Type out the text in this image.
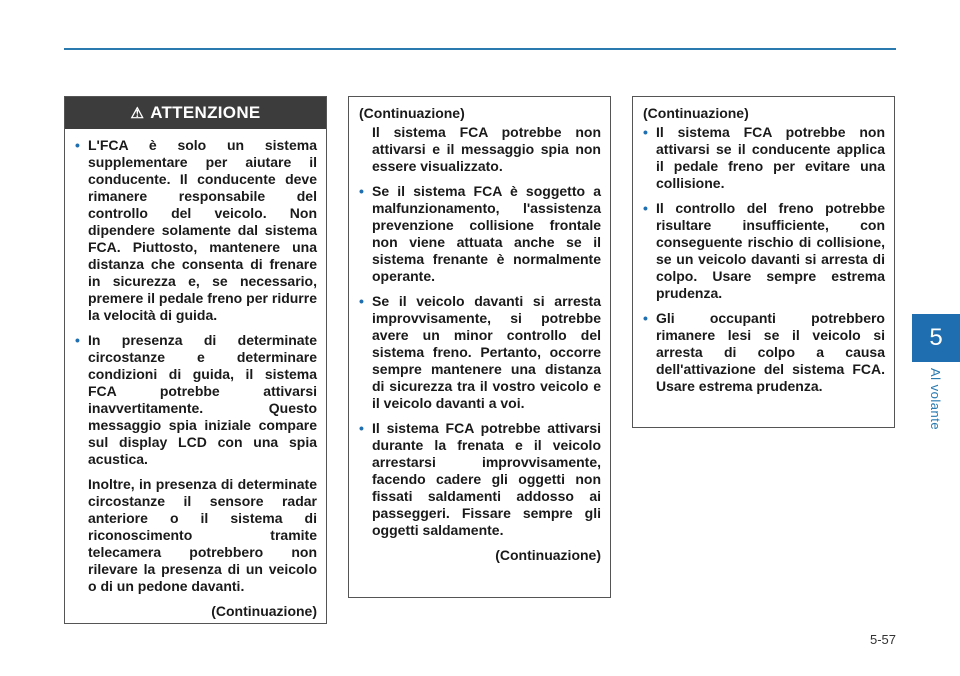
5
Al volante
⚠ ATTENZIONE
• L'FCA è solo un sistema supplementare per aiutare il conducente. Il conducente deve rimanere responsabile del controllo del veicolo. Non dipendere solamente dal sistema FCA. Piuttosto, mantenere una distanza che consenta di frenare in sicurezza e, se necessario, premere il pedale freno per ridurre la velocità di guida.
• In presenza di determinate circostanze e determinare condizioni di guida, il sistema FCA potrebbe attivarsi inavvertitamente. Questo messaggio spia iniziale compare sul display LCD con una spia acustica.

Inoltre, in presenza di determinate circostanze il sensore radar anteriore o il sistema di riconoscimento tramite telecamera potrebbero non rilevare la presenza di un veicolo o di un pedone davanti.

(Continuazione)

(Continuazione)

Il sistema FCA potrebbe non attivarsi e il messaggio spia non essere visualizzato.

• Se il sistema FCA è soggetto a malfunzionamento, l'assistenza prevenzione collisione frontale non viene attuata anche se il sistema frenante è normalmente operante.
• Se il veicolo davanti si arresta improvvisamente, si potrebbe avere un minor controllo del sistema freno. Pertanto, occorre sempre mantenere una distanza di sicurezza tra il vostro veicolo e il veicolo davanti a voi.
• Il sistema FCA potrebbe attivarsi durante la frenata e il veicolo arrestarsi improvvisamente, facendo cadere gli oggetti non fissati saldamenti addosso ai passeggeri. Fissare sempre gli oggetti saldamente.

(Continuazione)

(Continuazione)

• Il sistema FCA potrebbe non attivarsi se il conducente applica il pedale freno per evitare una collisione.
• Il controllo del freno potrebbe risultare insufficiente, con conseguente rischio di collisione, se un veicolo davanti si arresta di colpo. Usare sempre estrema prudenza.
• Gli occupanti potrebbero rimanere lesi se il veicolo si arresta di colpo a causa dell'attivazione del sistema FCA. Usare estrema prudenza.
5-57
